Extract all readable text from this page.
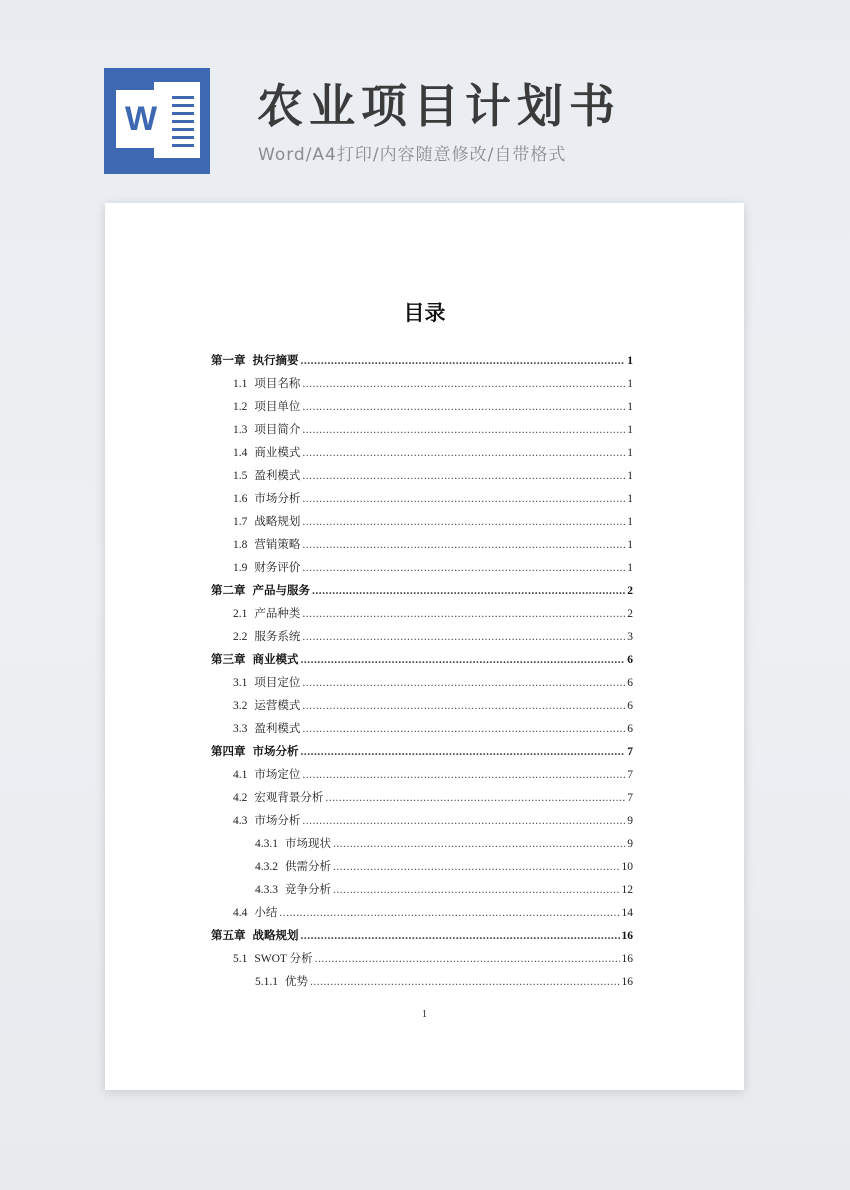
W 农业项目计划书
Word/A4打印/内容随意修改/自带格式
目录
第一章 执行摘要 .....	1
1.1 项目名称 .....	1
1.2 项目单位 .....	1
1.3 项目简介 .....	1
1.4 商业模式 .....	1
1.5 盈利模式 .....	1
1.6 市场分析 .....	1
1.7 战略规划 .....	1
1.8 营销策略 .....	1
1.9 财务评价 .....	1
第二章 产品与服务 .....	2
2.1 产品种类 .....	2
2.2 服务系统 .....	3
第三章 商业模式 .....	6
3.1 项目定位 .....	6
3.2 运营模式 .....	6
3.3 盈利模式 .....	6
第四章 市场分析 .....	7
4.1 市场定位 .....	7
4.2 宏观背景分析 .....	7
4.3 市场分析 .....	9
4.3.1 市场现状 .....	9
4.3.2 供需分析 .....	10
4.3.3 竞争分析 .....	12
4.4 小结 .....	14
第五章 战略规划 .....	16
5.1 SWOT 分析 .....	16
5.1.1 优势 .....	16
1
